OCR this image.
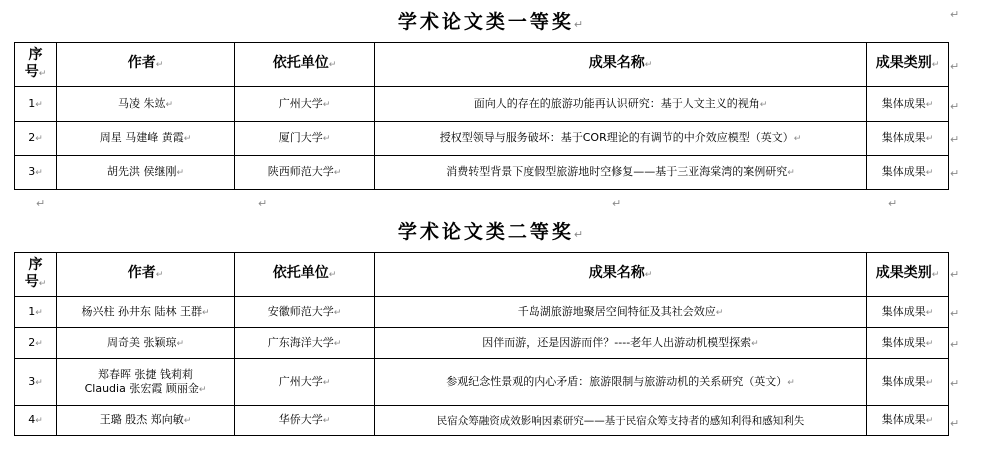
学术论文类一等奖↵
序
号↵	作者↵	依托单位↵	成果名称↵	成果类别↵
1↵	马凌 朱竑↵	广州大学↵	面向人的存在的旅游功能再认识研究：基于人文主义的视角↵	集体成果↵
2↵	周星 马建峰 黄霞↵	厦门大学↵	授权型领导与服务破坏：基于COR理论的有调节的中介效应模型（英文）↵	集体成果↵
3↵	胡先洪 侯继刚↵	陕西师范大学↵	消费转型背景下度假型旅游地时空修复——基于三亚海棠湾的案例研究↵	集体成果↵
↵	↵	↵	↵
学术论文类二等奖↵
序
号↵	作者↵	依托单位↵	成果名称↵	成果类别↵
1↵	杨兴柱 孙井东 陆林 王群↵	安徽师范大学↵	千岛湖旅游地聚居空间特征及其社会效应↵	集体成果↵
2↵	周奇美 张颖琼↵	广东海洋大学↵	因伴而游，还是因游而伴？----老年人出游动机模型探索↵	集体成果↵
3↵	郑春晖 张捷 钱莉莉
Claudia 张宏霞 顾丽金↵	广州大学↵	参观纪念性景观的内心矛盾：旅游限制与旅游动机的关系研究（英文）↵	集体成果↵
4↵	王璐 殷杰 郑向敏↵	华侨大学↵	民宿众筹融资成效影响因素研究——基于民宿众筹支持者的感知利得和感知利失	集体成果↵
↵
↵
↵
↵
↵
↵
↵
↵
↵
↵
